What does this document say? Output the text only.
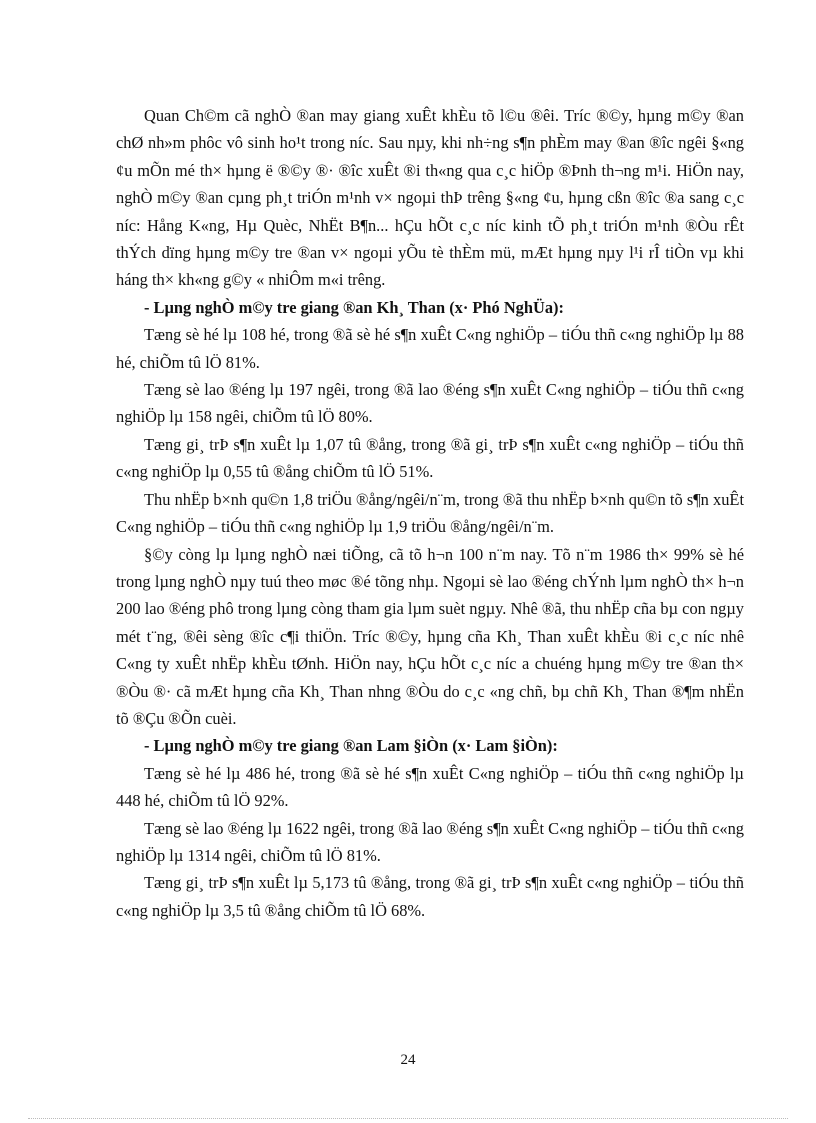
Quan Ch©m cã nghÒ ®an may giang xuÊt khÈu tõ l©u ®êi. Tríc ®©y, hµng m©y ®an chØ nh»m phôc vô sinh ho¹t trong níc. Sau nµy, khi nh÷ng s¶n phÈm may ®an ®îc ngêi §«ng ¢u mÕn mé th× hµng ë ®©y ®· ®îc xuÊt ®i th«ng qua c¸c hiÖp ®Þnh th¬ng m¹i. HiÖn nay, nghÒ m©y ®an cµng ph¸t triÓn m¹nh v× ngoµi thÞ trêng §«ng ¢u, hµng cßn ®îc ®a sang c¸c níc: Hång K«ng, Hµ Quèc, NhËt B¶n... hÇu hÕt c¸c níc kinh tÕ ph¸t triÓn m¹nh ®Òu rÊt thÝch dïng hµng m©y tre ®an v× ngoµi yÕu tè thÈm mü, mÆt hµng nµy l¹i rÎ tiÒn vµ khi háng th× kh«ng g©y « nhiÔm m«i trêng.

- Lµng nghÒ m©y tre giang ®an Kh¸ Than (x· Phó NghÜa):

Tæng sè hé lµ 108 hé, trong ®ã sè hé s¶n xuÊt C«ng nghiÖp – tiÓu thñ c«ng nghiÖp lµ 88 hé, chiÕm tû lÖ 81%.

Tæng sè lao ®éng lµ 197 ngêi, trong ®ã lao ®éng s¶n xuÊt C«ng nghiÖp – tiÓu thñ c«ng nghiÖp lµ 158 ngêi, chiÕm tû lÖ 80%.

Tæng gi¸ trÞ s¶n xuÊt lµ 1,07 tû ®ång, trong ®ã gi¸ trÞ s¶n xuÊt c«ng nghiÖp – tiÓu thñ c«ng nghiÖp lµ 0,55 tû ®ång chiÕm tû lÖ 51%.

Thu nhËp b×nh qu©n 1,8 triÖu ®ång/ngêi/n¨m, trong ®ã thu nhËp b×nh qu©n tõ s¶n xuÊt C«ng nghiÖp – tiÓu thñ c«ng nghiÖp lµ 1,9 triÖu ®ång/ngêi/n¨m.

§©y còng lµ lµng nghÒ næi tiÕng, cã tõ h¬n 100 n¨m nay. Tõ n¨m 1986 th× 99% sè hé trong lµng nghÒ nµy tuú theo møc ®é tõng nhµ. Ngoµi sè lao ®éng chÝnh lµm nghÒ th× h¬n 200 lao ®éng phô trong lµng còng tham gia lµm suèt ngµy. Nhê ®ã, thu nhËp cña bµ con ngµy mét t¨ng, ®êi sèng ®îc c¶i thiÖn. Tríc ®©y, hµng cña Kh¸ Than xuÊt khÈu ®i c¸c níc nhê C«ng ty xuÊt nhËp khÈu tØnh. HiÖn nay, hÇu hÕt c¸c níc a chuéng hµng m©y tre ®an th× ®Òu ®· cã mÆt hµng cña Kh¸ Than nhng ®Òu do c¸c «ng chñ, bµ chñ Kh¸ Than ®¶m nhËn tõ ®Çu ®Õn cuèi.

- Lµng nghÒ m©y tre giang ®an Lam §iÒn (x· Lam §iÒn):

Tæng sè hé lµ 486 hé, trong ®ã sè hé s¶n xuÊt C«ng nghiÖp – tiÓu thñ c«ng nghiÖp lµ 448 hé, chiÕm tû lÖ 92%.

Tæng sè lao ®éng lµ 1622 ngêi, trong ®ã lao ®éng s¶n xuÊt C«ng nghiÖp – tiÓu thñ c«ng nghiÖp lµ 1314 ngêi, chiÕm tû lÖ 81%.

Tæng gi¸ trÞ s¶n xuÊt lµ 5,173 tû ®ång, trong ®ã gi¸ trÞ s¶n xuÊt c«ng nghiÖp – tiÓu thñ c«ng nghiÖp lµ 3,5 tû ®ång chiÕm tû lÖ 68%.

24
